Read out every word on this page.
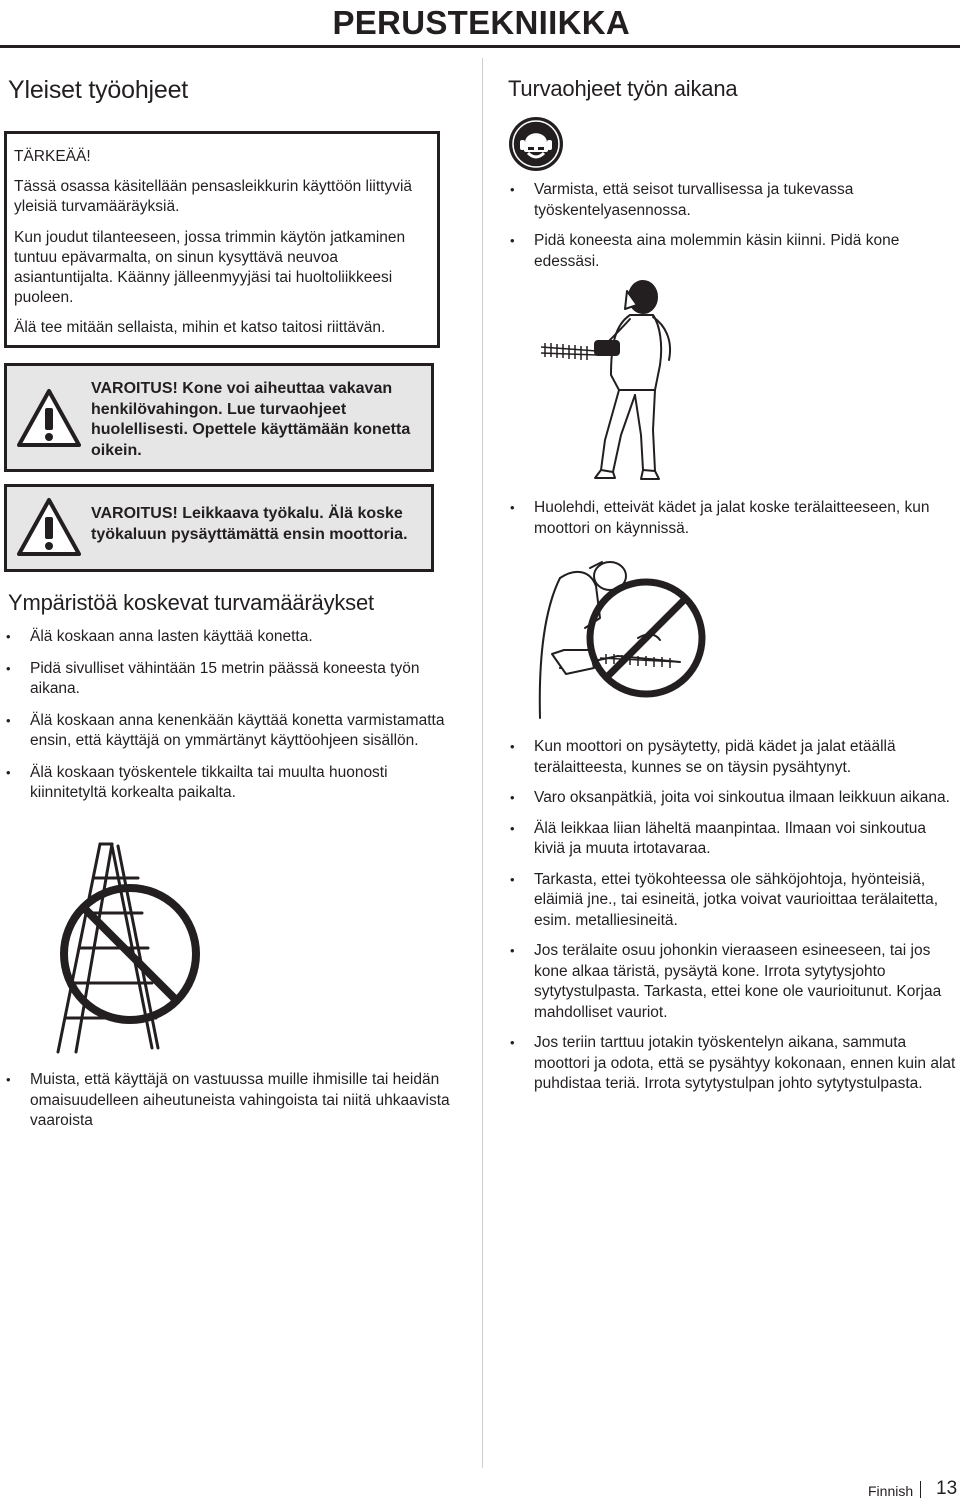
PERUSTEKNIIKKA
Yleiset työohjeet

TÄRKEÄÄ!

Tässä osassa käsitellään pensasleikkurin käyttöön liittyviä yleisiä turvamääräyksiä.

Kun joudut tilanteeseen, jossa trimmin käytön jatkaminen tuntuu epävarmalta, on sinun kysyttävä neuvoa asiantuntijalta. Käänny jälleenmyyjäsi tai huoltoliikkeesi puoleen.

Älä tee mitään sellaista, mihin et katso taitosi riittävän.

VAROITUS! Kone voi aiheuttaa vakavan
henkilövahingon. Lue turvaohjeet
huolellisesti. Opettele käyttämään konetta
oikein.
VAROITUS! Leikkaava työkalu. Älä koske
työkaluun pysäyttämättä ensin moottoria.
Ympäristöä koskevat turvamääräykset
• Älä koskaan anna lasten käyttää konetta.
• Pidä sivulliset vähintään 15 metrin päässä koneesta työn aikana.
• Älä koskaan anna kenenkään käyttää konetta varmistamatta ensin, että käyttäjä on ymmärtänyt käyttöohjeen sisällön.
• Älä koskaan työskentele tikkailta tai muulta huonosti kiinnitetyltä korkealta paikalta.
• Muista, että käyttäjä on vastuussa muille ihmisille tai heidän omaisuudelleen aiheutuneista vahingoista tai niitä uhkaavista vaaroista
Turvaohjeet työn aikana
• Varmista, että seisot turvallisessa ja tukevassa työskentelyasennossa.
• Pidä koneesta aina molemmin käsin kiinni. Pidä kone edessäsi.
• Huolehdi, etteivät kädet ja jalat koske terälaitteeseen, kun moottori on käynnissä.
• Kun moottori on pysäytetty, pidä kädet ja jalat etäällä terälaitteesta, kunnes se on täysin pysähtynyt.
• Varo oksanpätkiä, joita voi sinkoutua ilmaan leikkuun aikana.
• Älä leikkaa liian läheltä maanpintaa. Ilmaan voi sinkoutua kiviä ja muuta irtotavaraa.
• Tarkasta, ettei työkohteessa ole sähköjohtoja, hyönteisiä, eläimiä jne., tai esineitä, jotka voivat vaurioittaa terälaitetta, esim. metalliesineitä.
• Jos terälaite osuu johonkin vieraaseen esineeseen, tai jos kone alkaa täristä, pysäytä kone. Irrota sytytysjohto sytytystulpasta. Tarkasta, ettei kone ole vaurioitunut. Korjaa mahdolliset vauriot.
• Jos teriin tarttuu jotakin työskentelyn aikana, sammuta moottori ja odota, että se pysähtyy kokonaan, ennen kuin alat puhdistaa teriä. Irrota sytytystulpan johto sytytystulpasta.
Finnish 13
